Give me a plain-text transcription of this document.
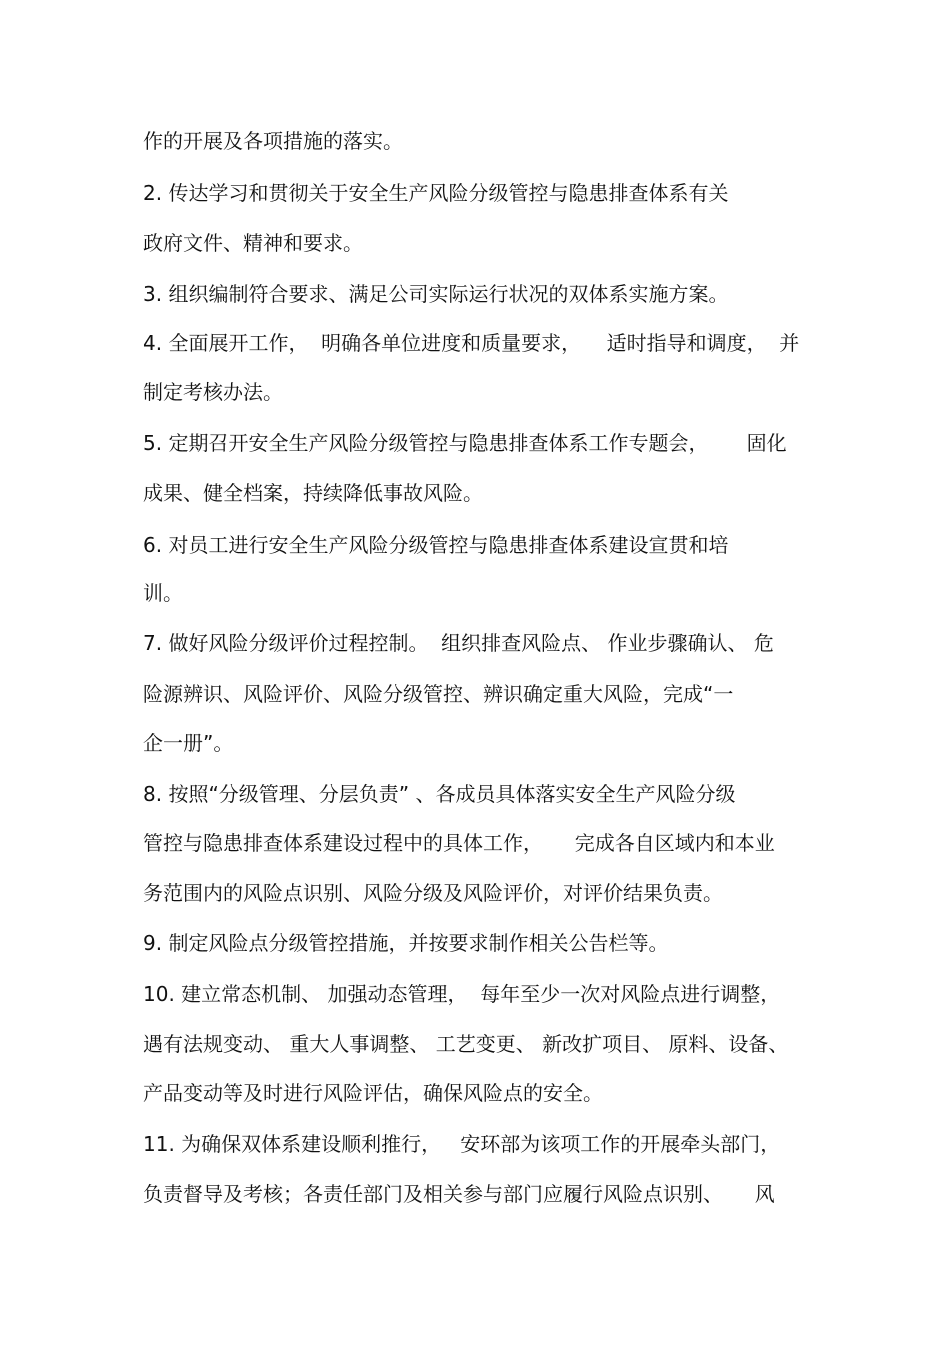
作的开展及各项措施的落实。
2. 传达学习和贯彻关于安全生产风险分级管控与隐患排查体系有关
政府文件、精神和要求。
3. 组织编制符合要求、满足公司实际运行状况的双体系实施方案。
4. 全面展开工作，  明确各单位进度和质量要求，    适时指导和调度，  并
制定考核办法。
5. 定期召开安全生产风险分级管控与隐患排查体系工作专题会，      固化
成果、健全档案，持续降低事故风险。
6. 对员工进行安全生产风险分级管控与隐患排查体系建设宣贯和培
训。
7. 做好风险分级评价过程控制。  组织排查风险点、 作业步骤确认、 危
险源辨识、风险评价、风险分级管控、辨识确定重大风险，完成“一
企一册”。
8. 按照“分级管理、分层负责” 、各成员具体落实安全生产风险分级
管控与隐患排查体系建设过程中的具体工作，     完成各自区域内和本业
务范围内的风险点识别、风险分级及风险评价，对评价结果负责。
9. 制定风险点分级管控措施，并按要求制作相关公告栏等。
10. 建立常态机制、 加强动态管理，  每年至少一次对风险点进行调整，
遇有法规变动、 重大人事调整、 工艺变更、 新改扩项目、 原料、设备、
产品变动等及时进行风险评估，确保风险点的安全。
11. 为确保双体系建设顺利推行，   安环部为该项工作的开展牵头部门，
负责督导及考核；各责任部门及相关参与部门应履行风险点识别、     风
